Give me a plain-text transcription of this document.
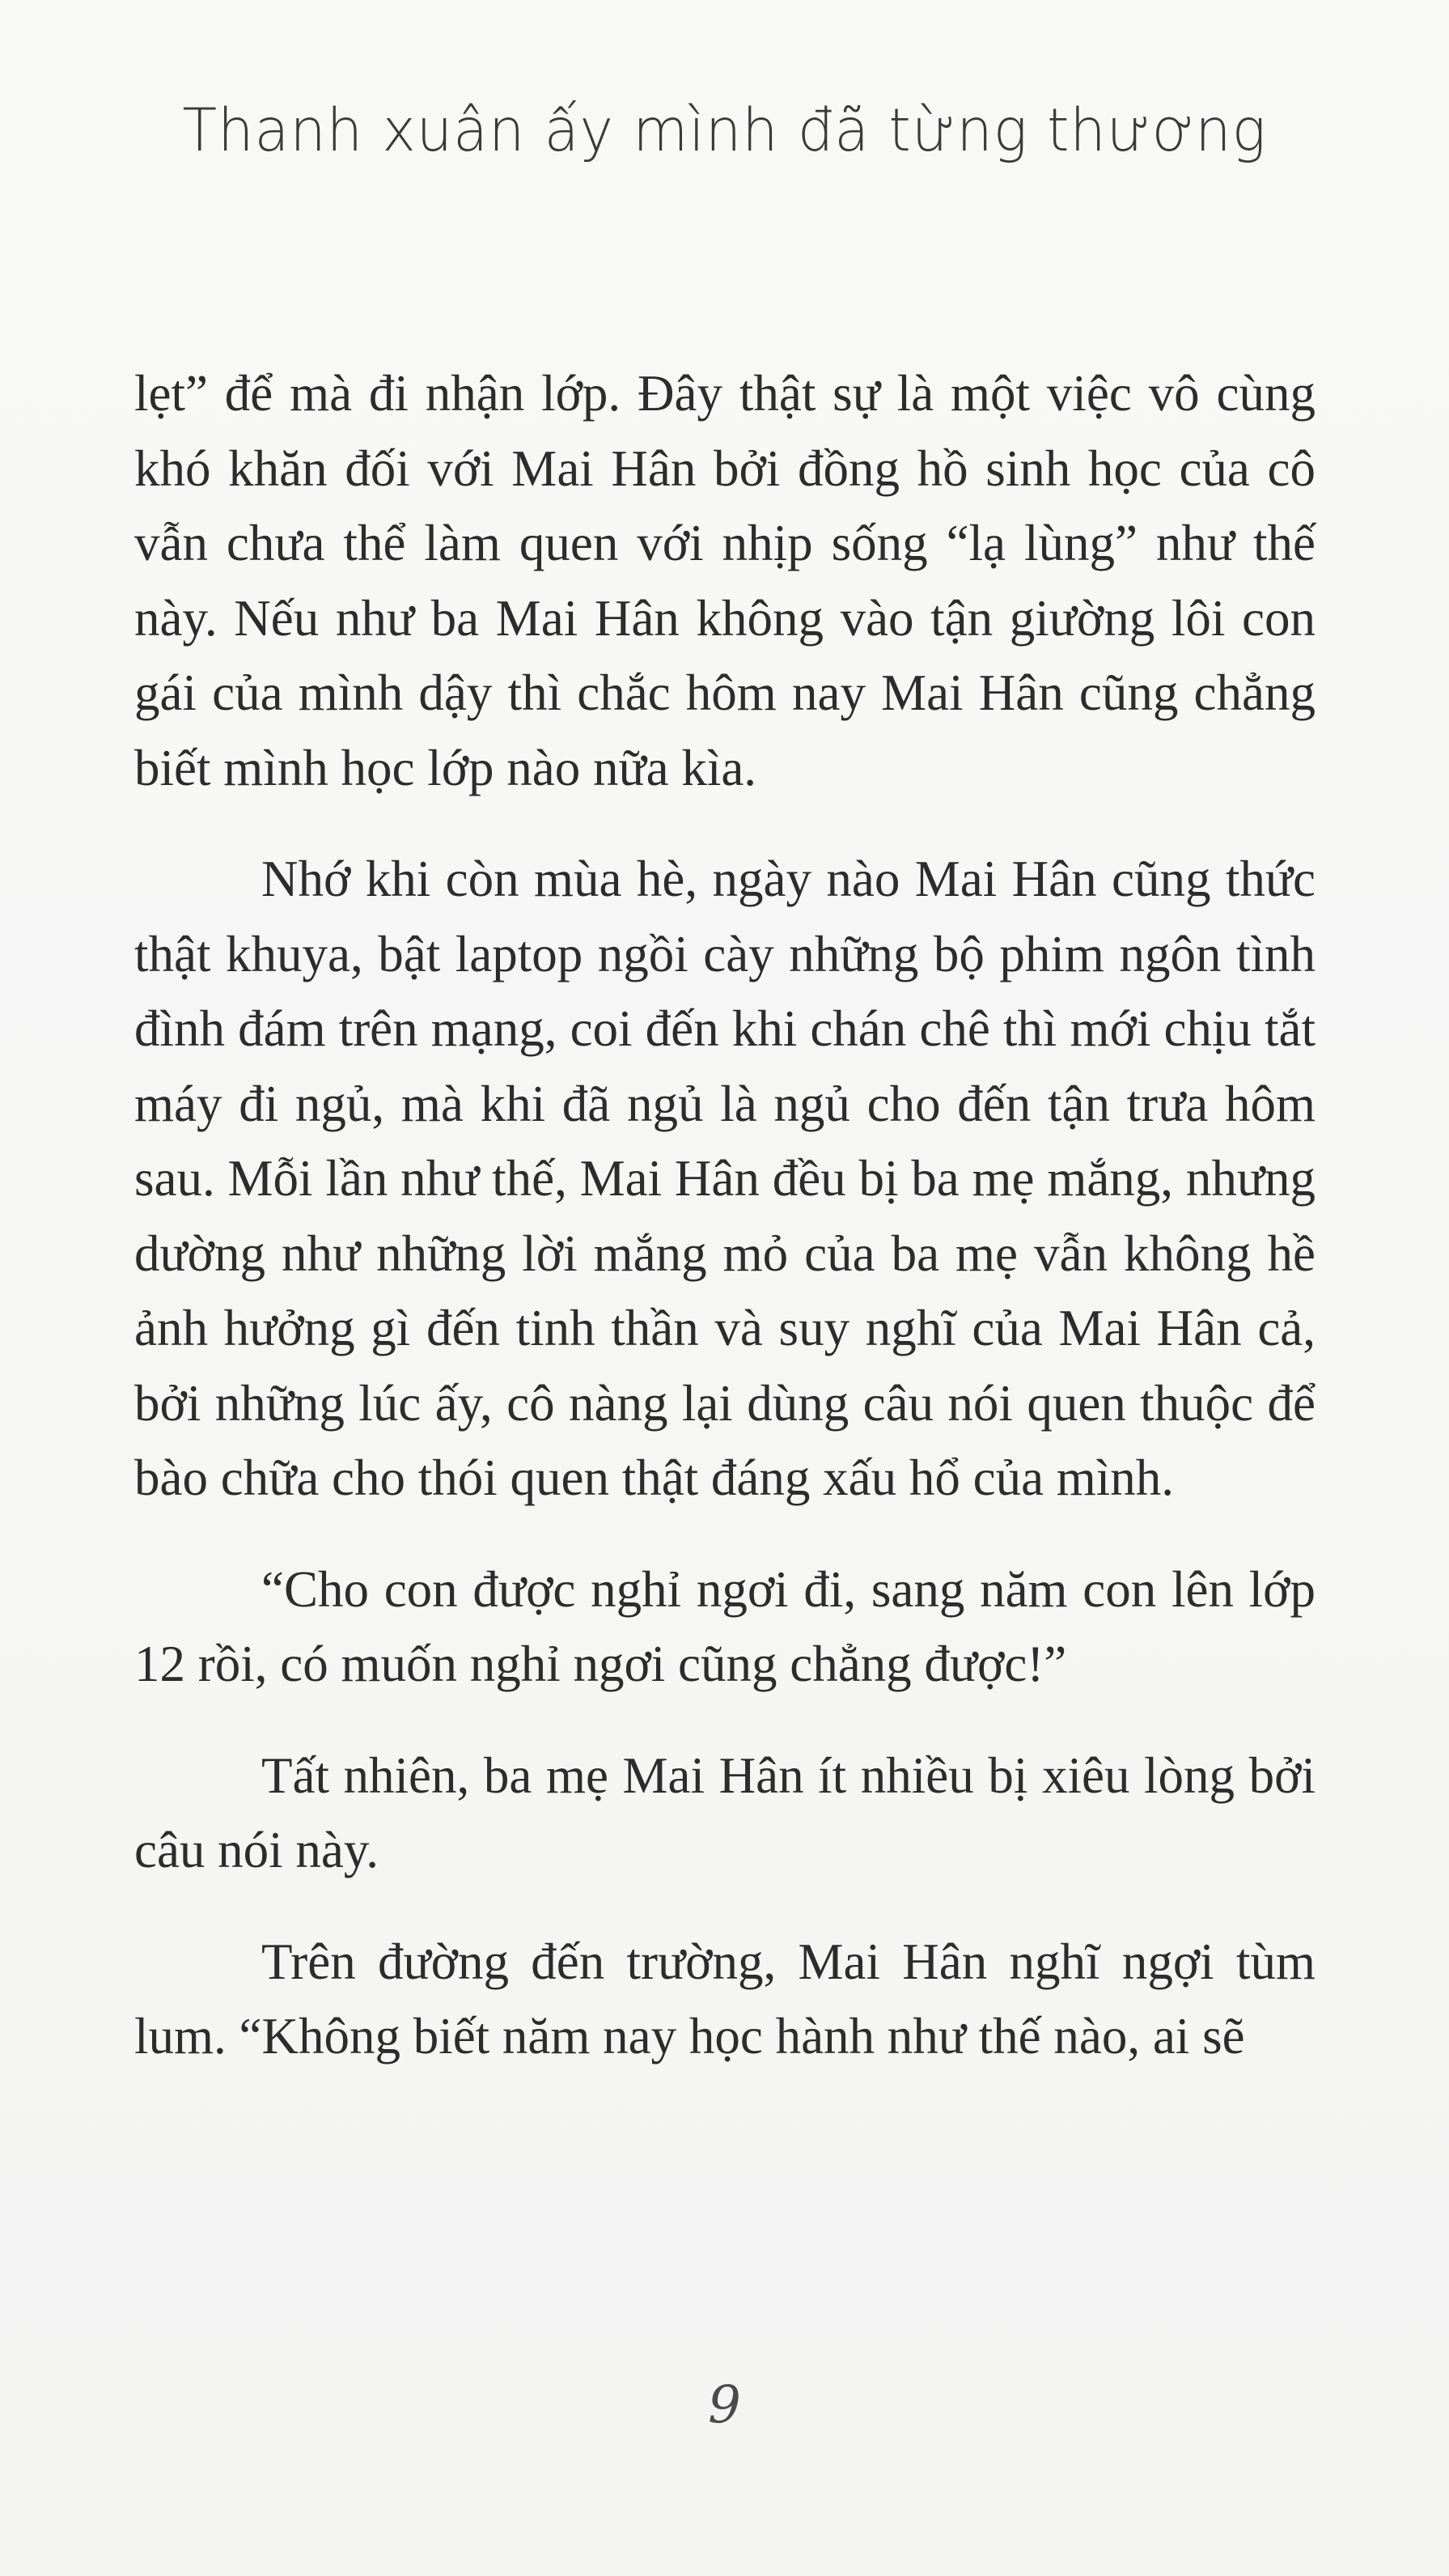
Thanh xuân ấy mình đã từng thương

lẹt” để mà đi nhận lớp. Đây thật sự là một việc vô cùng khó khăn đối với Mai Hân bởi đồng hồ sinh học của cô vẫn chưa thể làm quen với nhịp sống “lạ lùng” như thế này. Nếu như ba Mai Hân không vào tận giường lôi con gái của mình dậy thì chắc hôm nay Mai Hân cũng chẳng biết mình học lớp nào nữa kìa.

Nhớ khi còn mùa hè, ngày nào Mai Hân cũng thức thật khuya, bật laptop ngồi cày những bộ phim ngôn tình đình đám trên mạng, coi đến khi chán chê thì mới chịu tắt máy đi ngủ, mà khi đã ngủ là ngủ cho đến tận trưa hôm sau. Mỗi lần như thế, Mai Hân đều bị ba mẹ mắng, nhưng dường như những lời mắng mỏ của ba mẹ vẫn không hề ảnh hưởng gì đến tinh thần và suy nghĩ của Mai Hân cả, bởi những lúc ấy, cô nàng lại dùng câu nói quen thuộc để bào chữa cho thói quen thật đáng xấu hổ của mình.

“Cho con được nghỉ ngơi đi, sang năm con lên lớp 12 rồi, có muốn nghỉ ngơi cũng chẳng được!”

Tất nhiên, ba mẹ Mai Hân ít nhiều bị xiêu lòng bởi câu nói này.

Trên đường đến trường, Mai Hân nghĩ ngợi tùm lum. “Không biết năm nay học hành như thế nào, ai sẽ

9
